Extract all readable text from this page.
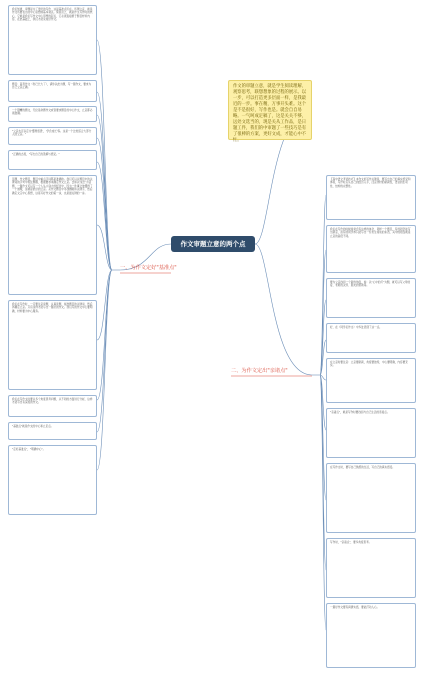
作文审题立意的两个点
作文的审题立意，就是学生阅读理解、观察思考，联想想象的过程的展示。以一步，可以打造更多层面一样，是我最近的一步。事在精，万事开头难。这个是不是很好，写作也是。就会自自易略。一气呵成定稿了，这是关关不够，远处文选当的，现是关从工作品，是日题工件，我们的中审题了一些技巧是有了很棒的方案，更好文成，才能心中不忙。
一、为作文定好"基准点"
二、为作文定出"亲诸点"
我们知道，审题是为了更好的写作，这是基准点所在。所谓立意，就是作文所要表达的中心思想或基本观点。简而言之，就是作文写作时的核心，它就是我们写作文中心思想的起点，它必须直接源于题目材料内容，在此基础上，我们才能完成好作文。
题目：高考作文《你已长大了》，请你以此为题，写一篇作文，要求为自己立意正确。
一个钢精的题文，无论是命题作文或者要求题目的中心作文，立意都必须准确。
"立意也可以定为'懂得感恩'，'学会成长'等。这是一个比较适合大部分人的立意。"
"正确的态度，"写出自己的见解与感受。"
话题、作文题目，题目中重点字词都是准确的。我们可以从题目中的关键词的字句中抓住题眼，根据要求来确定作文立意。比如以'成长'为话题，一篇作文可以写一个人从小到大的经历中，因为一件事让他懂得了一个道理，这就是很好的立意。从作文题目中寻找题眼和关键字，然后确定文章中心思想，这是写好作文的第一步，也是最关键的一步。
我们在写作时，一定要注意审题，认真读题，找准题目的关键词，然后再确定立意。只有这样才能写出一篇好的作文。我们写的作文中心要明确，材料要为中心服务。
我们在写作文时要从多个角度思考问题，从不同的方面进行分析，这样才能写出有深度的作文。
"基准点"就是作文的中心和立足点。
"定好基准点"，"明确中心"。
【高中语文考试技巧】本作文的写作关键是，要写出自己的真实感受和体验，写作时应从自己的经历入手，注意选材的新颖性，语言的生动性，结构的完整性。
我们在写作的时候常常会有这样的体会，同样一个题目，有的同学能写出新意，而有的同学却只能写出一些老生常谈的东西，其中的原因就是立意的高低不同。
要为立意找到一个新的角度，如：以"心中的灯"为题，就可以写父母的爱、老师的关怀、朋友的帮助等。
好，在《同学们作文》中多处表现了这一点。
在立意时要注意：立意要新颖，角度要独特，中心要明确，内容要充实。
"亲诸点"，就是写作时要找到与自己生活的连接点。
在写作文时，要写自己熟悉的生活，写自己的真实感受。
写作时，"亲诸点"，要多角度思考。
一篇好作文要有真情实感，要能打动人心。
